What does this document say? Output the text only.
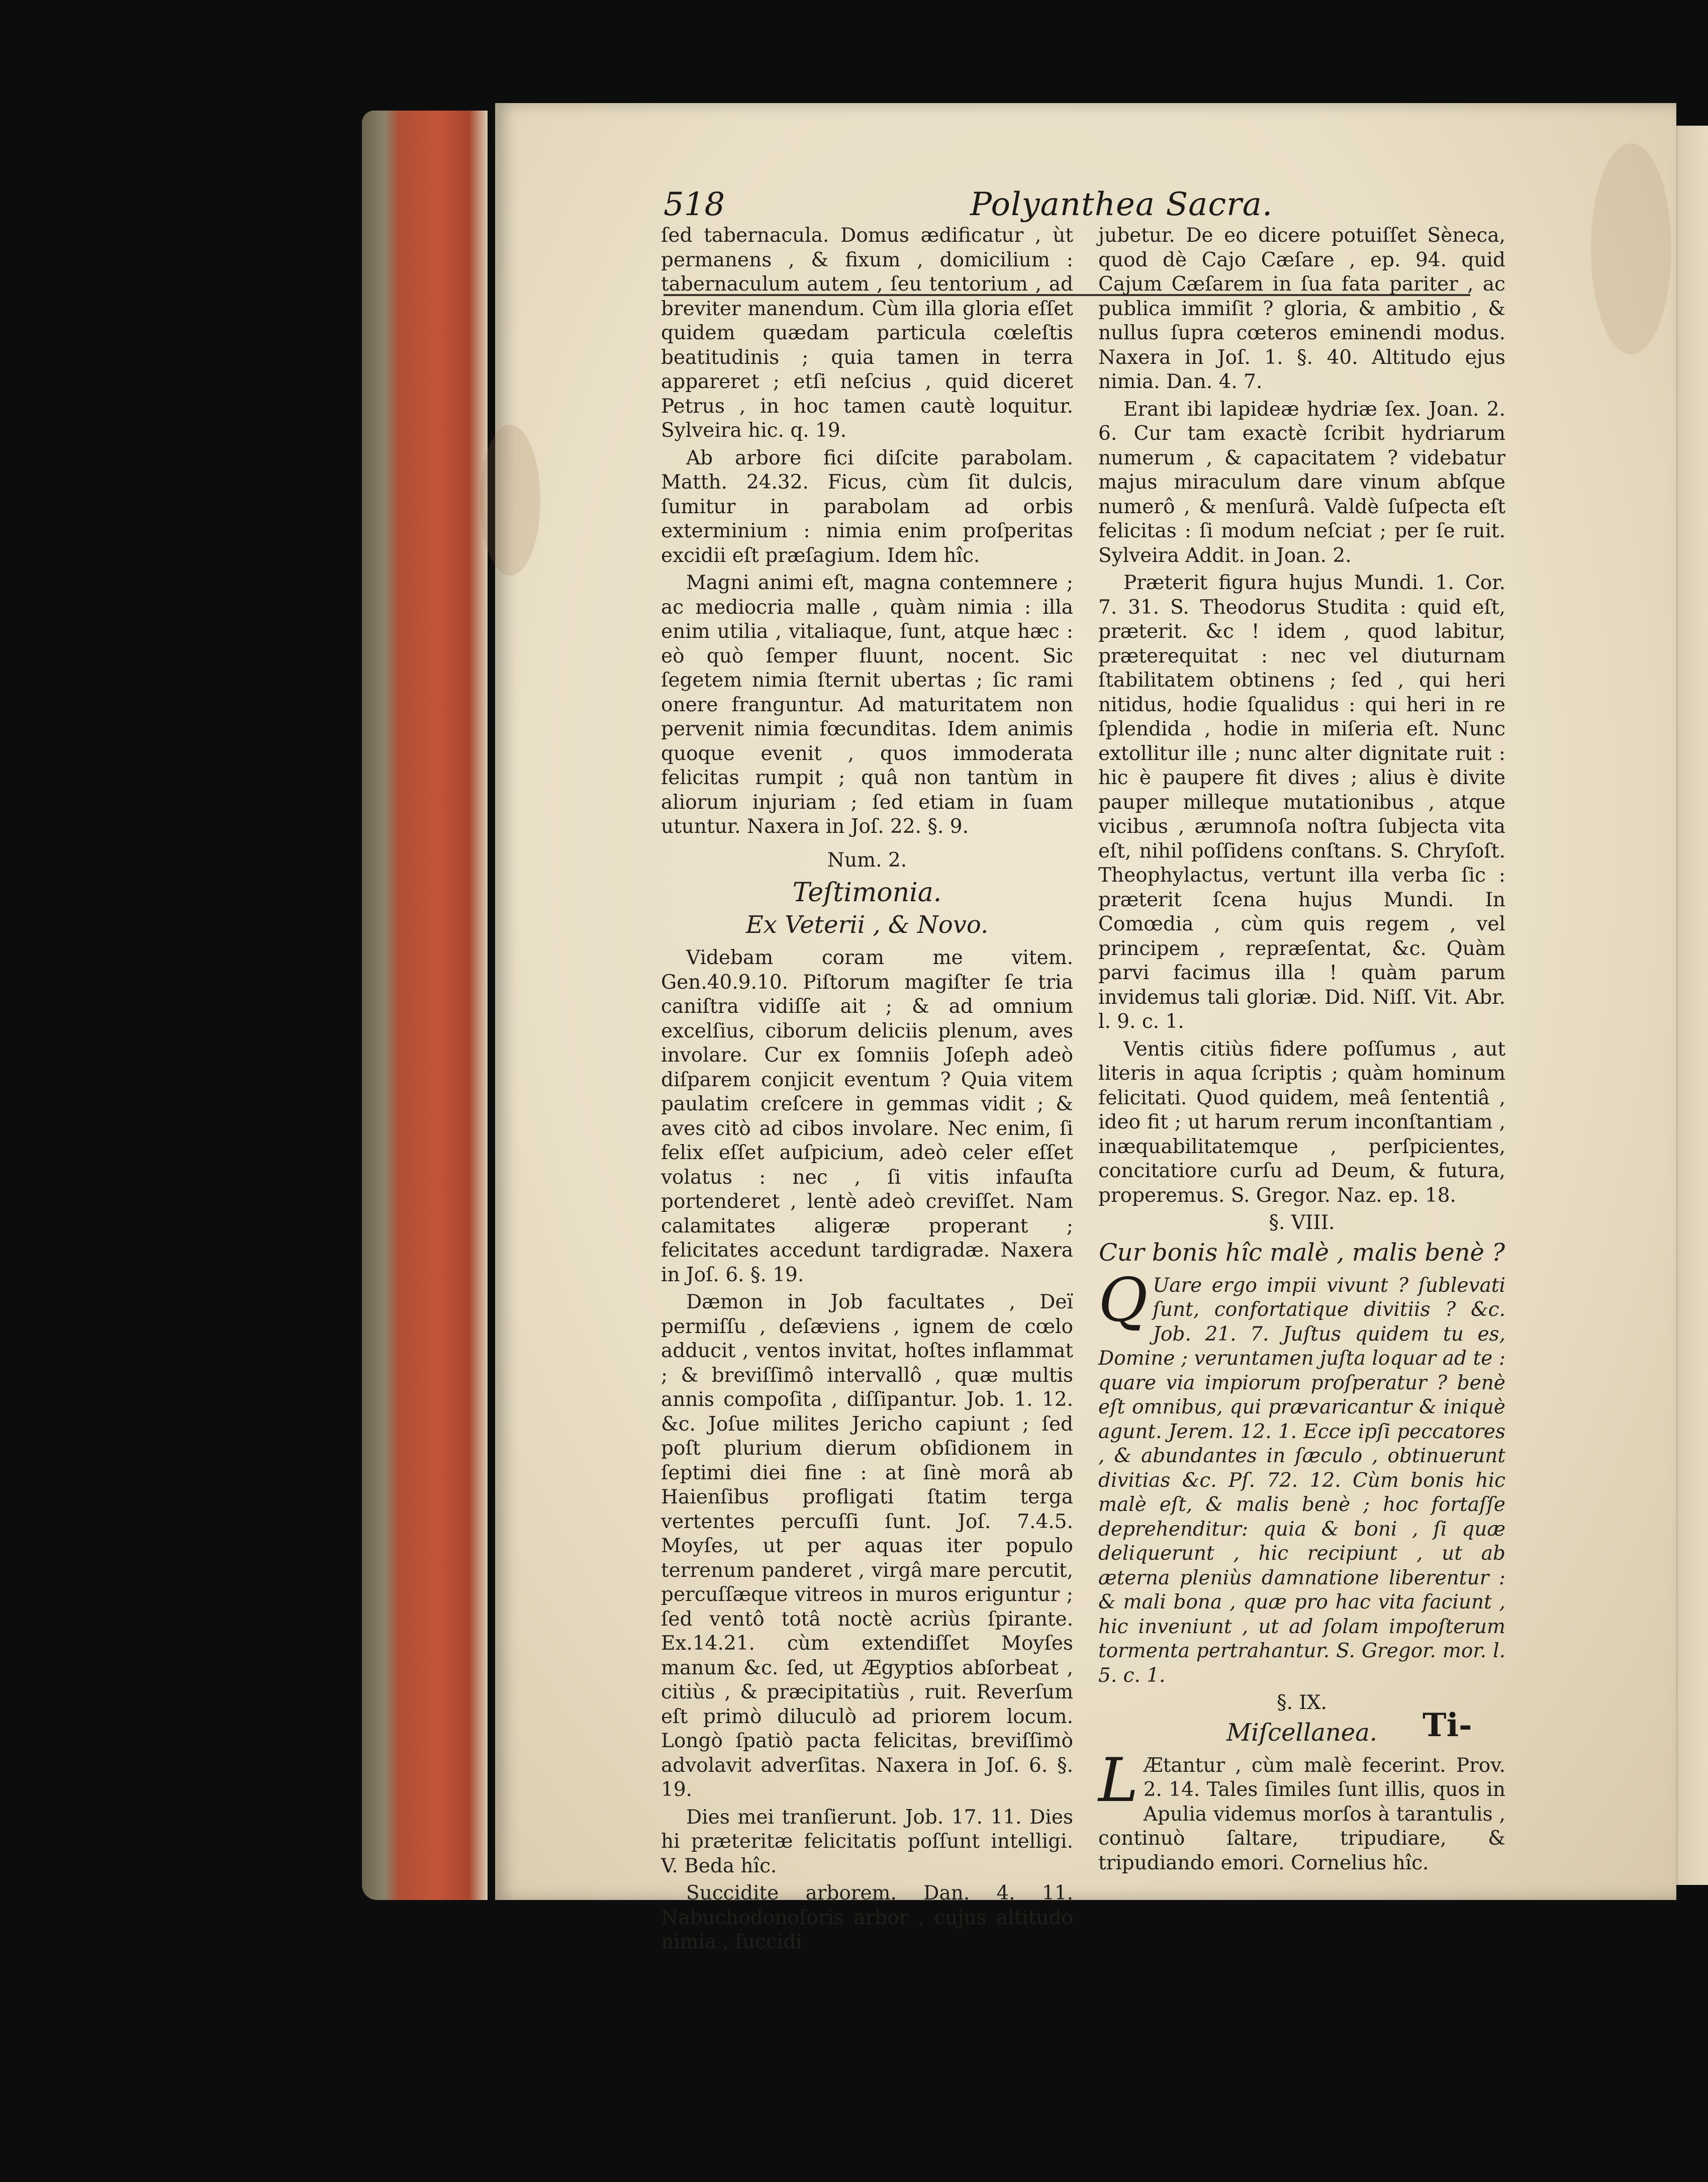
518	Polyanthea Sacra.

ſed tabernacula. Domus ædificatur , ùt permanens , & fixum , domicilium : tabernaculum autem , ſeu tentorium , ad breviter manendum. Cùm illa gloria eſſet quidem quædam particula cœleſtis beatitudinis ; quia tamen in terra appareret ; etſi neſcius , quid diceret Petrus , in hoc tamen cautè loquitur. Sylveira hic. q. 19.

Ab arbore fici diſcite parabolam. Matth. 24.32. Ficus, cùm ſit dulcis, ſumitur in parabolam ad orbis exterminium : nimia enim proſperitas excidii eſt præſagium. Idem hîc.

Magni animi eſt, magna contemnere ; ac mediocria malle , quàm nimia : illa enim utilia , vitaliaque, ſunt, atque hæc : eò quò ſemper fluunt, nocent. Sic ſegetem nimia ſternit ubertas ; ſic rami onere franguntur. Ad maturitatem non pervenit nimia fœcunditas. Idem animis quoque evenit , quos immoderata felicitas rumpit ; quâ non tantùm in aliorum injuriam ; ſed etiam in ſuam utuntur. Naxera in Joſ. 22. §. 9.

Num. 2.

Teſtimonia.
Ex Veterii , & Novo.

Videbam coram me vitem. Gen.40.9.10. Piſtorum magiſter ſe tria caniſtra vidiſſe ait ; & ad omnium excelſius, ciborum deliciis plenum, aves involare. Cur ex ſomniis Joſeph adeò diſparem conjicit eventum ? Quia vitem paulatim creſcere in gemmas vidit ; & aves citò ad cibos involare. Nec enim, ſi felix eſſet auſpicium, adeò celer eſſet volatus : nec , ſi vitis infauſta portenderet , lentè adeò creviſſet. Nam calamitates aligeræ properant ; felicitates accedunt tardigradæ. Naxera in Joſ. 6. §. 19.

Dæmon in Job facultates , Deï permiſſu , deſæviens , ignem de cœlo adducit , ventos invitat, hoſtes inflammat ; & breviſſimô intervallô , quæ multis annis compoſita , diſſipantur. Job. 1. 12. &c. Joſue milites Jericho capiunt ; ſed poſt plurium dierum obſidionem in ſeptimi diei fine : at ſinè morâ ab Haienſibus profligati ſtatim terga vertentes percuſſi ſunt. Joſ. 7.4.5. Moyſes, ut per aquas iter populo terrenum panderet , virgâ mare percutit, percuſſæque vitreos in muros eriguntur ; ſed ventô totâ noctè acriùs ſpirante. Ex.14.21. cùm extendiſſet Moyſes manum &c. ſed, ut Ægyptios abſorbeat , citiùs , & præcipitatiùs , ruit. Reverſum eſt primò diluculò ad priorem locum. Longò ſpatiò pacta felicitas, breviſſimò advolavit adverſitas. Naxera in Joſ. 6. §. 19.

Dies mei tranſierunt. Job. 17. 11. Dies hi præteritæ felicitatis poſſunt intelligi. V. Beda hîc.

Succidite arborem. Dan. 4. 11. Nabuchodonoſoris arbor , cujus altitudo nimia , ſuccidi

jubetur. De eo dicere potuiſſet Sèneca, quod dè Cajo Cæſare , ep. 94. quid Cajum Cæſarem in ſua fata pariter , ac publica immiſit ? gloria, & ambitio , & nullus ſupra cœteros eminendi modus. Naxera in Joſ. 1. §. 40. Altitudo ejus nimia. Dan. 4. 7.

Erant ibi lapideæ hydriæ ſex. Joan. 2. 6. Cur tam exactè ſcribit hydriarum numerum , & capacitatem ? videbatur majus miraculum dare vinum abſque numerô , & menſurâ. Valdè ſuſpecta eſt felicitas : ſi modum neſciat ; per ſe ruit. Sylveira Addit. in Joan. 2.

Præterit figura hujus Mundi. 1. Cor. 7. 31. S. Theodorus Studita : quid eſt, præterit. &c ! idem , quod labitur, præterequitat : nec vel diuturnam ſtabilitatem obtinens ; ſed , qui heri nitidus, hodie ſqualidus : qui heri in re ſplendida , hodie in miſeria eſt. Nunc extollitur ille ; nunc alter dignitate ruit : hic è paupere fit dives ; alius è divite pauper milleque mutationibus , atque vicibus , ærumnoſa noſtra ſubjecta vita eſt, nihil poſſidens conſtans. S. Chryſoſt. Theophylactus, vertunt illa verba ſic : præterit ſcena hujus Mundi. In Comœdia , cùm quis regem , vel principem , repræſentat, &c. Quàm parvi facimus illa ! quàm parum invidemus tali gloriæ. Did. Niſſ. Vit. Abr. l. 9. c. 1.

Ventis citiùs fidere poſſumus , aut literis in aqua ſcriptis ; quàm hominum felicitati. Quod quidem, meâ ſententiâ , ideo fit ; ut harum rerum inconſtantiam , inæquabilitatemque , perſpicientes, concitatiore curſu ad Deum, & futura, properemus. S. Gregor. Naz. ep. 18.

§. VIII.

Cur bonis hîc malè , malis benè ?

Q Uare ergo impii vivunt ? ſublevati ſunt, confortatique divitiis ? &c. Job. 21. 7. Juſtus quidem tu es, Domine ; veruntamen juſta loquar ad te : quare via impiorum proſperatur ? benè eſt omnibus, qui prævaricantur & iniquè agunt. Jerem. 12. 1. Ecce ipſi peccatores , & abundantes in ſæculo , obtinuerunt divitias &c. Pſ. 72. 12. Cùm bonis hic malè eſt, & malis benè ; hoc fortaſſe deprehenditur: quia & boni , ſi quæ deliquerunt , hic recipiunt , ut ab æterna pleniùs damnatione liberentur : & mali bona , quæ pro hac vita faciunt , hic inveniunt , ut ad ſolam impoſterum tormenta pertrahantur. S. Gregor. mor. l. 5. c. 1.

§. IX.

Miſcellanea.

L Ætantur , cùm malè fecerint. Prov. 2. 14. Tales ſimiles ſunt illis, quos in Apulia videmus morſos à tarantulis , continuò ſaltare, tripudiare, & tripudiando emori. Cornelius hîc.

Ti-
